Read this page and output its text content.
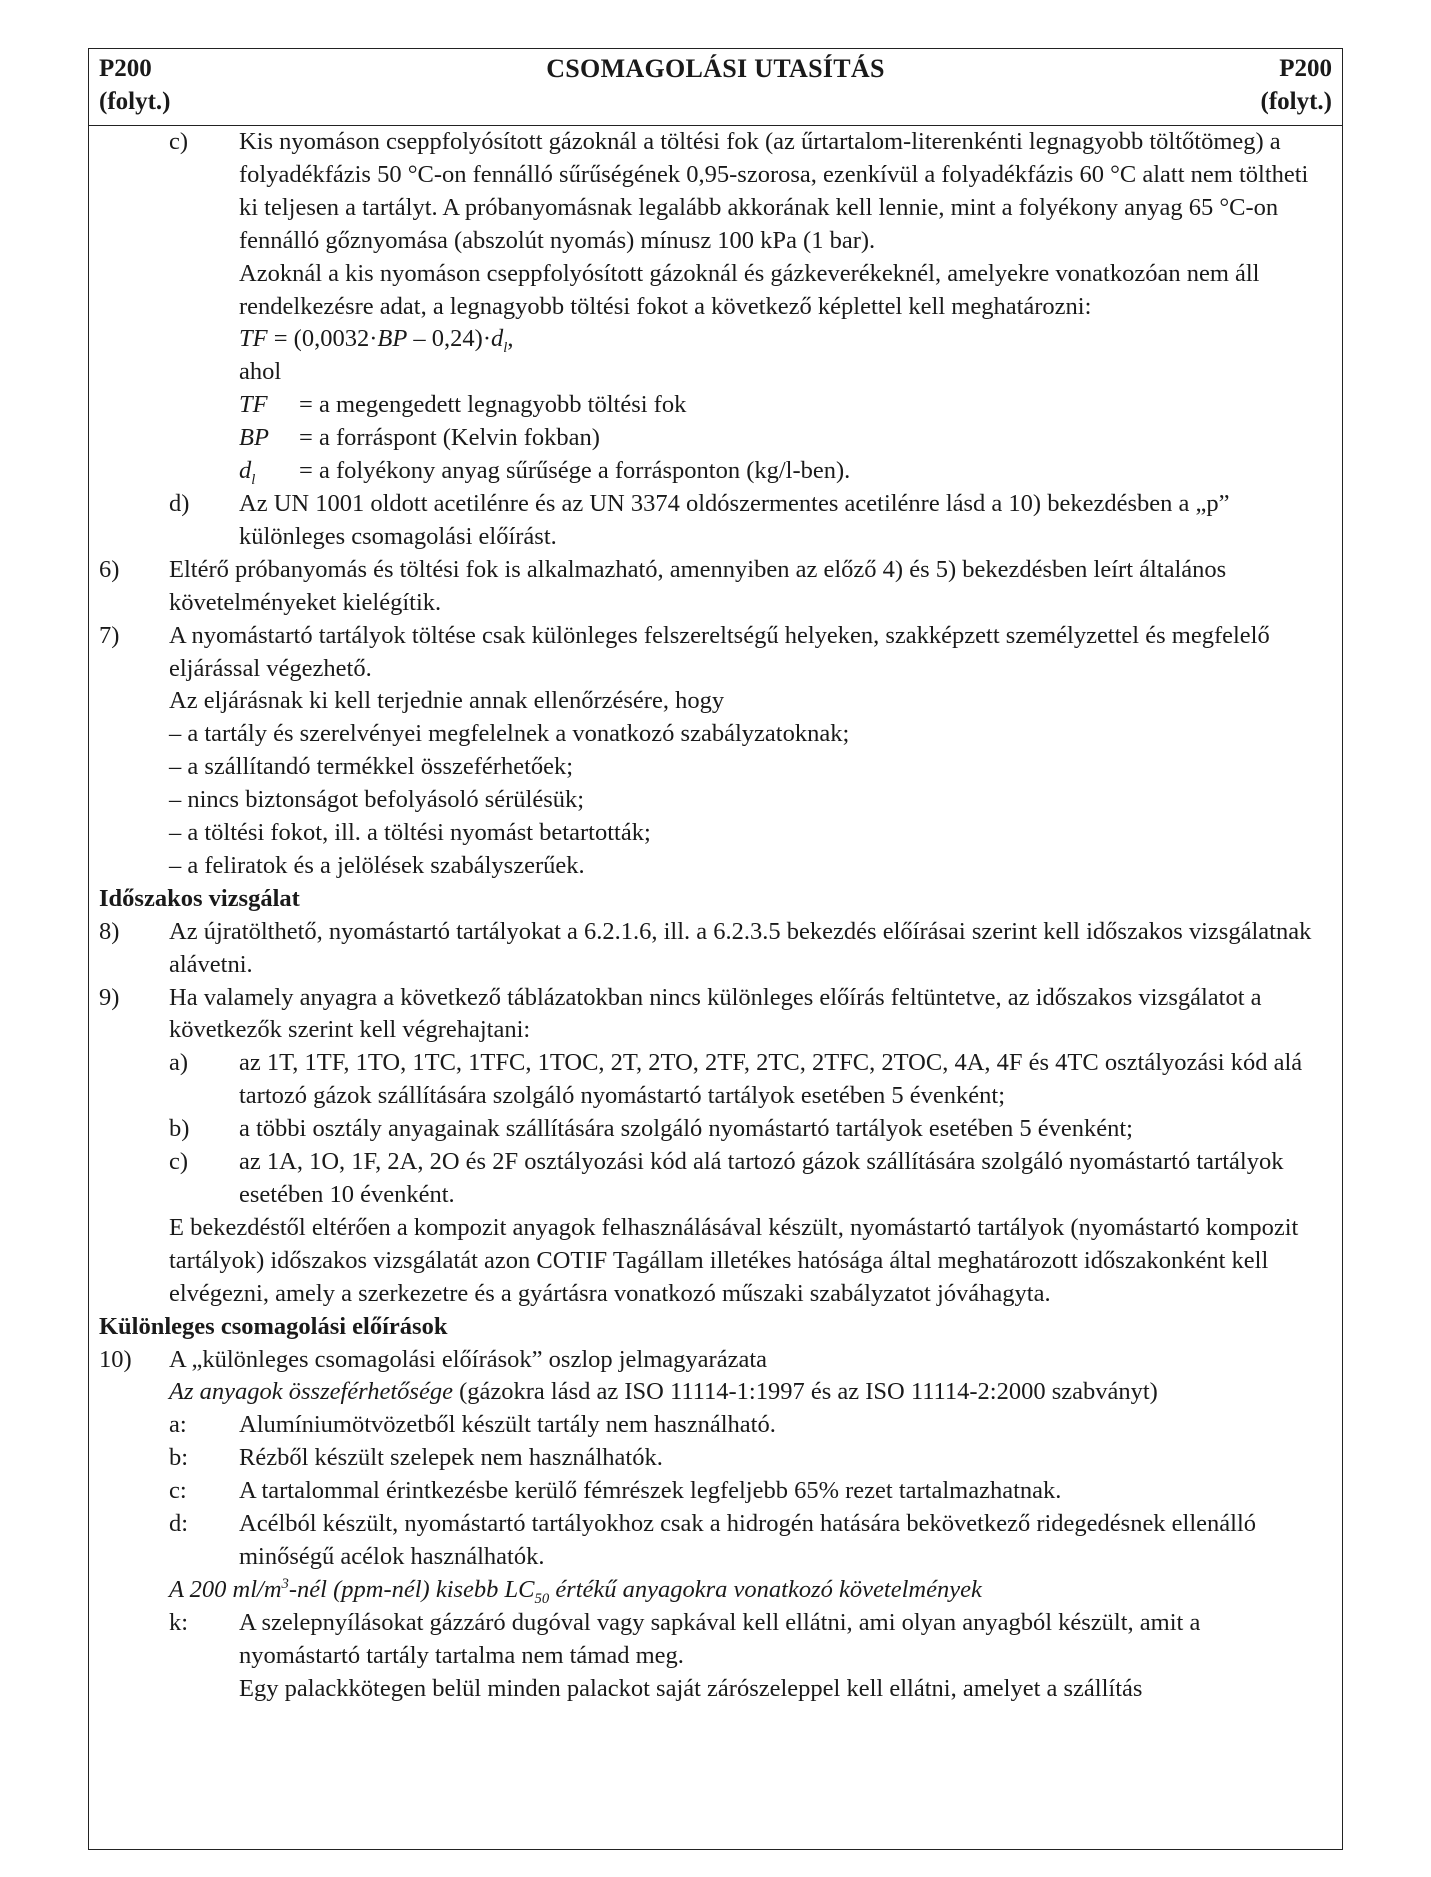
P200
(folyt.)
CSOMAGOLÁSI UTASÍTÁS	P200
(folyt.)
c)	Kis nyomáson cseppfolyósított gázoknál a töltési fok (az űrtartalom-literenkénti legnagyobb töltőtömeg) a folyadékfázis 50 °C-on fennálló sűrűségének 0,95-szorosa, ezenkívül a folyadékfázis 60 °C alatt nem töltheti ki teljesen a tartályt. A próbanyomásnak legalább akkorának kell lennie, mint a folyékony anyag 65 °C-on fennálló gőznyomása (abszolút nyomás) mínusz 100 kPa (1 bar).
Azoknál a kis nyomáson cseppfolyósított gázoknál és gázkeverékeknél, amelyekre vonatkozóan nem áll rendelkezésre adat, a legnagyobb töltési fokot a következő képlettel kell meghatározni:
TF = $(0,0032\cdot BP - 0,24)\cdot d_l$,
ahol
TF = a megengedett legnagyobb töltési fok
BP = a forráspont (Kelvin fokban)
$d_l = a$ folyékony anyag sűrűsége a forrásponton (kg/l-ben).
d)	Az UN 1001 oldott acetilénre és az UN 3374 oldószermentes acetilénre lásd a 10) bekezdésben a „p” különleges csomagolási előírást.
6)	Eltérő próbanyomás és töltési fok is alkalmazható, amennyiben az előző 4) és 5) bekezdésben leírt általános követelményeket kielégítik.
7)	A nyomástartó tartályok töltése csak különleges felszereltségű helyeken, szakképzett személyzettel és megfelelő eljárással végezhető.
Az eljárásnak ki kell terjednie annak ellenőrzésére, hogy
– a tartály és szerelvényei megfelelnek a vonatkozó szabályzatoknak;
– a szállítandó termékkel összeférhetőek;
– nincs biztonságot befolyásoló sérülésük;
– a töltési fokot, ill. a töltési nyomást betartották;
– a feliratok és a jelölések szabályszerűek.
Időszakos vizsgálat
8)	Az újratölthető, nyomástartó tartályokat a 6.2.1.6, ill. a 6.2.3.5 bekezdés előírásai szerint kell időszakos vizsgálatnak alávetni.
9)	Ha valamely anyagra a következő táblázatokban nincs különleges előírás feltüntetve, az időszakos vizsgálatot a következők szerint kell végrehajtani:
a)	az 1T, 1TF, 1TO, 1TC, 1TFC, 1TOC, 2T, 2TO, 2TF, 2TC, 2TFC, 2TOC, 4A, 4F és 4TC osztályozási kód alá tartozó gázok szállítására szolgáló nyomástartó tartályok esetében 5 évenként;
b)	a többi osztály anyagainak szállítására szolgáló nyomástartó tartályok esetében 5 évenként;
c)	az 1A, 1O, 1F, 2A, 2O és 2F osztályozási kód alá tartozó gázok szállítására szolgáló nyomástartó tartályok esetében 10 évenként.
E bekezdéstől eltérően a kompozit anyagok felhasználásával készült, nyomástartó tartályok (nyomástartó kompozit tartályok) időszakos vizsgálatát azon COTIF Tagállam illetékes hatósága által meghatározott időszakonként kell elvégezni, amely a szerkezetre és a gyártásra vonatkozó műszaki szabályzatot jóváhagyta.
Különleges csomagolási előírások
10)	A „különleges csomagolási előírások” oszlop jelmagyarázata
Az anyagok összeférhetősége (gázokra lásd az ISO 11114-1:1997 és az ISO 11114-2:2000 szabványt)
a:	Alumíniumötvözetből készült tartály nem használható.
b:	Rézből készült szelepek nem használhatók.
c:	A tartalommal érintkezésbe kerülő fémrészek legfeljebb 65% rezet tartalmazhatnak.
d:	Acélból készült, nyomástartó tartályokhoz csak a hidrogén hatására bekövetkező ridegedésnek ellenálló minőségű acélok használhatók.
A 200 $ml/m^3$-nél (ppm-nél) kisebb $LC_{50}$ értékű anyagokra vonatkozó követelmények
k:	A szelepnyílásokat gázzáró dugóval vagy sapkával kell ellátni, ami olyan anyagból készült, amit a nyomástartó tartály tartalma nem támad meg.
Egy palackkötegen belül minden palackot saját zárószeleppel kell ellátni, amelyet a szállítás
